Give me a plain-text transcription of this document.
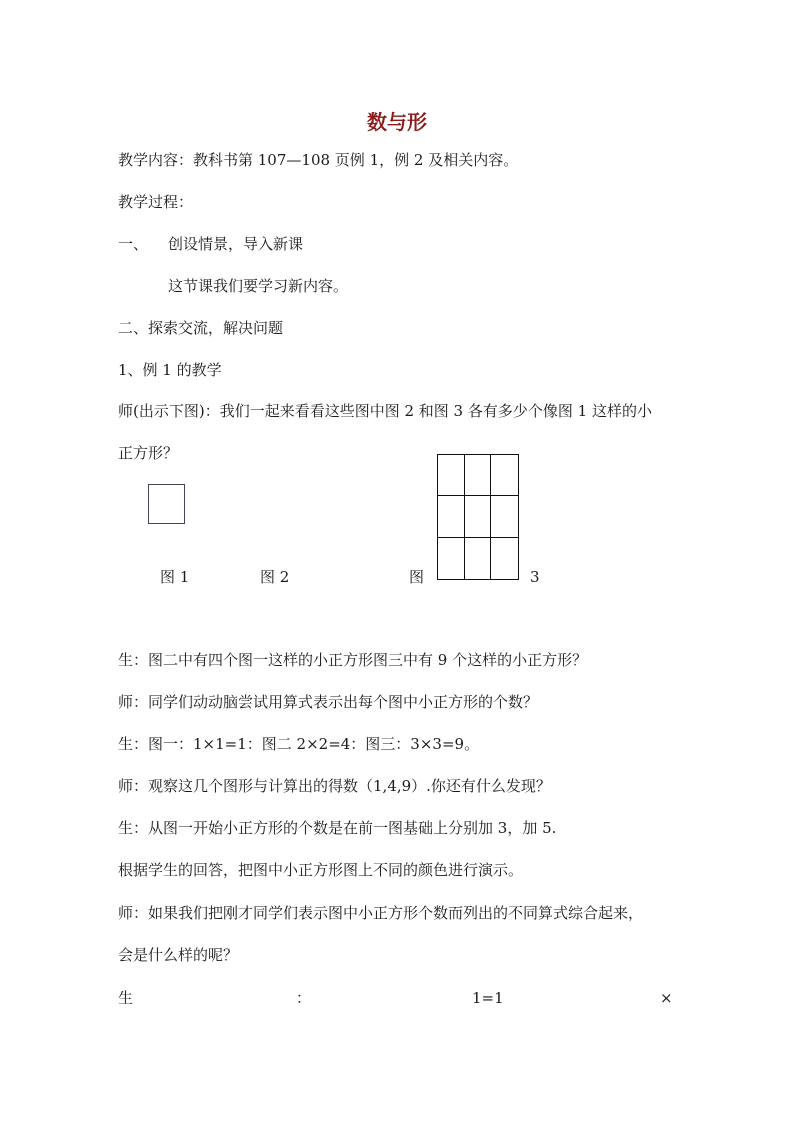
数与形
教学内容：教科书第 107—108 页例 1，例 2 及相关内容。
教学过程：
一、 创设情景，导入新课
这节课我们要学习新内容。
二、探索交流，解决问题
1、例 1 的教学
师(出示下图)：我们一起来看看这些图中图 2 和图 3 各有多少个像图 1 这样的小
正方形？
图 1	图 2	图	3
生：图二中有四个图一这样的小正方形图三中有 9 个这样的小正方形？
师：同学们动动脑尝试用算式表示出每个图中小正方形的个数？
生：图一：1×1=1：图二 2×2=4：图三：3×3=9。
师：观察这几个图形与计算出的得数（1,4,9）.你还有什么发现？
生：从图一开始小正方形的个数是在前一图基础上分别加 3，加 5.
根据学生的回答，把图中小正方形图上不同的颜色进行演示。
师：如果我们把刚才同学们表示图中小正方形个数而列出的不同算式综合起来，
会是什么样的呢？
生	：	1=1	×
